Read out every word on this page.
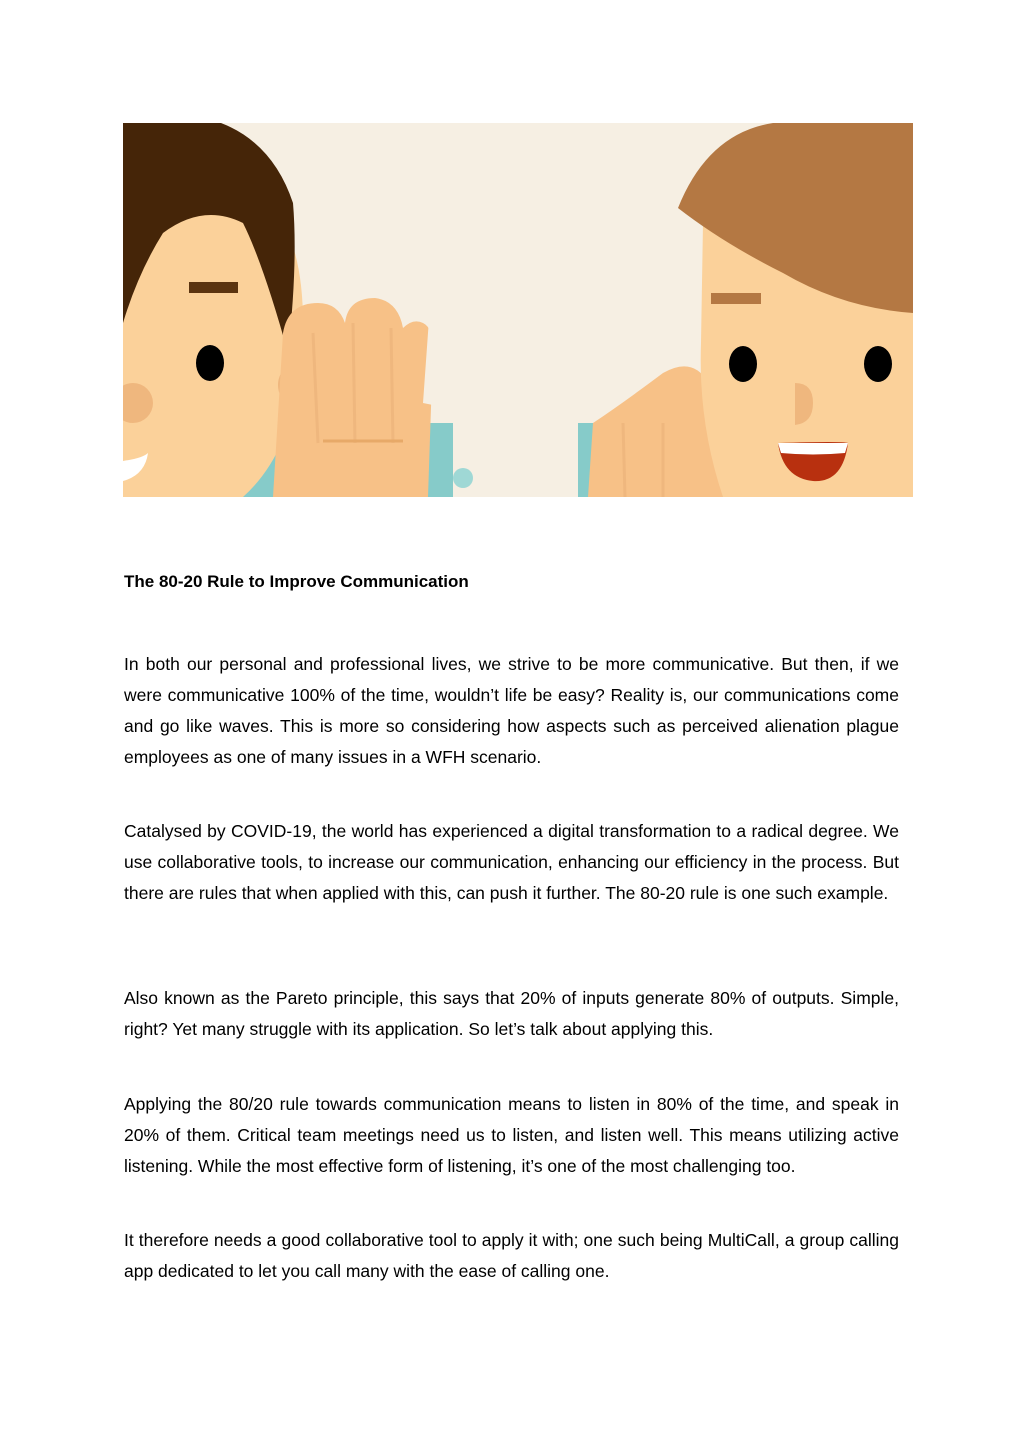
The 80-20 Rule to Improve Communication

In both our personal and professional lives, we strive to be more communicative. But then, if we were communicative 100% of the time, wouldn’t life be easy? Reality is, our communications come and go like waves. This is more so considering how aspects such as perceived alienation plague employees as one of many issues in a WFH scenario.

Catalysed by COVID-19, the world has experienced a digital transformation to a radical degree. We use collaborative tools, to increase our communication, enhancing our efficiency in the process. But there are rules that when applied with this, can push it further. The 80-20 rule is one such example.

Also known as the Pareto principle, this says that 20% of inputs generate 80% of outputs. Simple, right? Yet many struggle with its application. So let’s talk about applying this.

Applying the 80/20 rule towards communication means to listen in 80% of the time, and speak in 20% of them. Critical team meetings need us to listen, and listen well. This means utilizing active listening. While the most effective form of listening, it’s one of the most challenging too.

It therefore needs a good collaborative tool to apply it with; one such being MultiCall, a group calling app dedicated to let you call many with the ease of calling one.
